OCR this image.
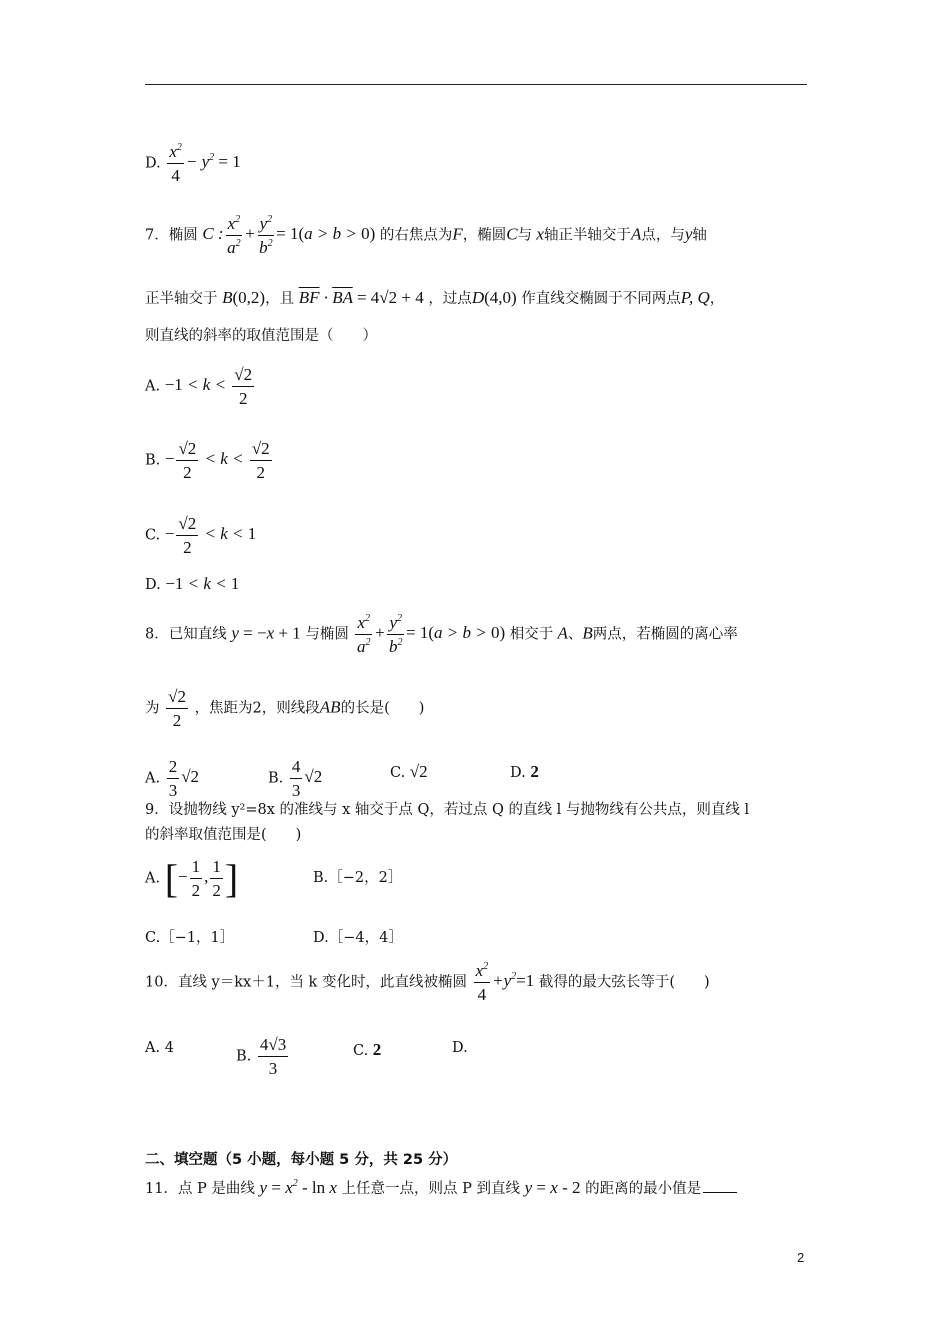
D. $\frac{x^2}{4} - y^2 = 1$
7．椭圆 C : $\frac{x^2}{a^2} + \frac{y^2}{b^2} = 1(a > b > 0)$ 的右焦点为F，椭圆C与 x轴正半轴交于A点，与y轴
正半轴交于 B(0,2)，且 $\overline{BF} \cdot \overline{BA} = 4√2 + 4$ ，过点D(4,0) 作直线交椭圆于不同两点P, Q，
则直线的斜率的取值范围是（　　）
A. $-1 < k < \frac{√2}{2}$
B. − $\frac{√2}{2} < k < \frac{√2}{2}$
C. − $\frac{√2}{2} < k < 1$
D. −1 < k < 1
8．已知直线 y = −x + 1 与椭圆 $\frac{x^2}{a^2} + \frac{y^2}{b^2} = 1(a > b > 0)$ 相交于 A、B两点，若椭圆的离心率
为 $\frac{√2}{2}$ ，焦距为2，则线段AB的长是(　　)
A. $\frac{2}{3} √2$	B. $\frac{4}{3} √2$	C. √2	D. 2
9．设抛物线 y²=8x 的准线与 x 轴交于点 Q，若过点 Q 的直线 l 与抛物线有公共点，则直线 l
的斜率取值范围是(　　)
A. [− $\frac{1}{2}$ , $\frac{1}{2}$ ]	B.［−2，2］
C.［−1，1］	D.［−4，4］
10．直线 y＝kx＋1，当 k 变化时，此直线被椭圆 $\frac{x^2}{4} +y^2=1$ 截得的最大弦长等于(　　)
A. 4
B. $\frac{4√3}{3}$	C. 2	D.
二、填空题（5 小题，每小题 5 分，共 25 分）
11．点 P 是曲线 $y = x^2 - \ln x$ 上任意一点，则点 P 到直线 y = x - 2 的距离的最小值是
2
